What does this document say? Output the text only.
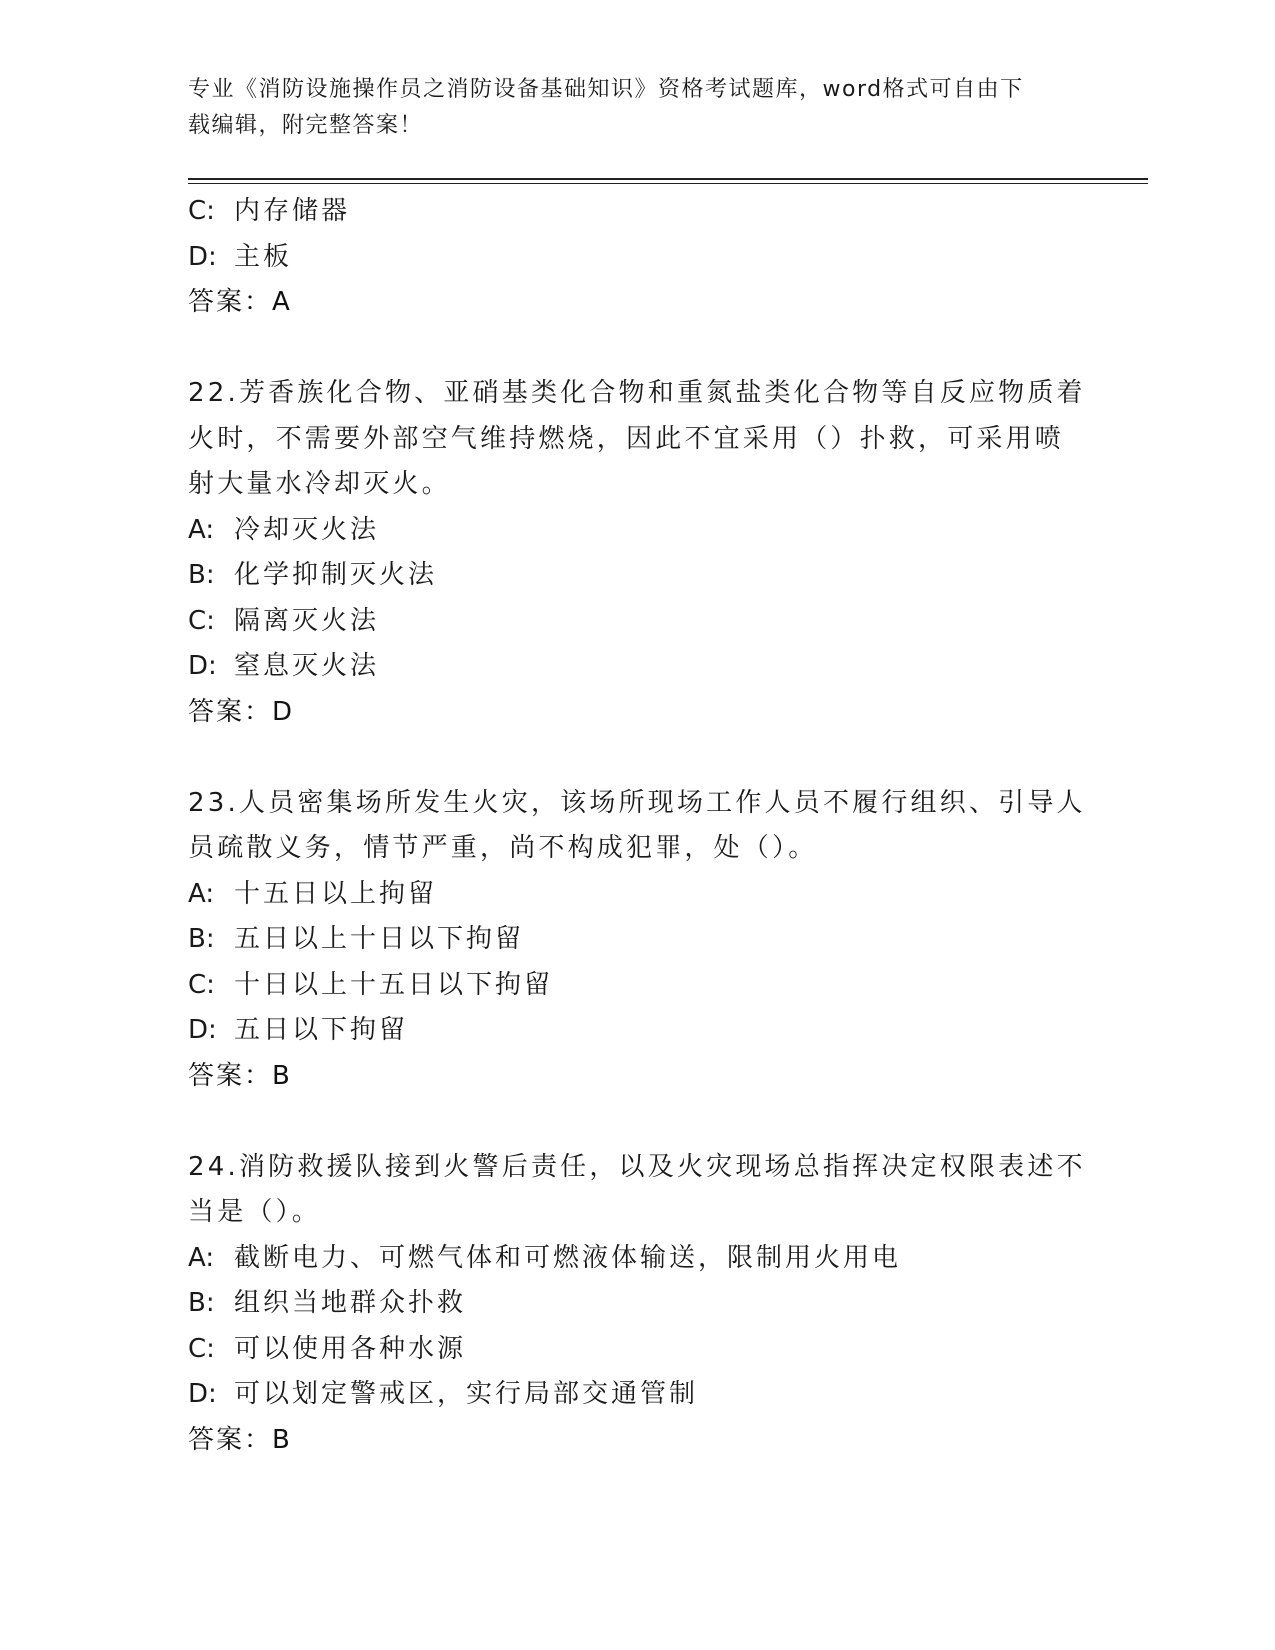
专业《消防设施操作员之消防设备基础知识》资格考试题库，word格式可自由下
载编辑，附完整答案！
C: 内存储器
D: 主板
答案：A
22.芳香族化合物、亚硝基类化合物和重氮盐类化合物等自反应物质着
火时，不需要外部空气维持燃烧，因此不宜采用（）扑救，可采用喷
射大量水冷却灭火。
A: 冷却灭火法
B: 化学抑制灭火法
C: 隔离灭火法
D: 窒息灭火法
答案：D
23.人员密集场所发生火灾，该场所现场工作人员不履行组织、引导人
员疏散义务，情节严重，尚不构成犯罪，处（）。
A: 十五日以上拘留
B: 五日以上十日以下拘留
C: 十日以上十五日以下拘留
D: 五日以下拘留
答案：B
24.消防救援队接到火警后责任，以及火灾现场总指挥决定权限表述不
当是（）。
A: 截断电力、可燃气体和可燃液体输送，限制用火用电
B: 组织当地群众扑救
C: 可以使用各种水源
D: 可以划定警戒区，实行局部交通管制
答案：B
